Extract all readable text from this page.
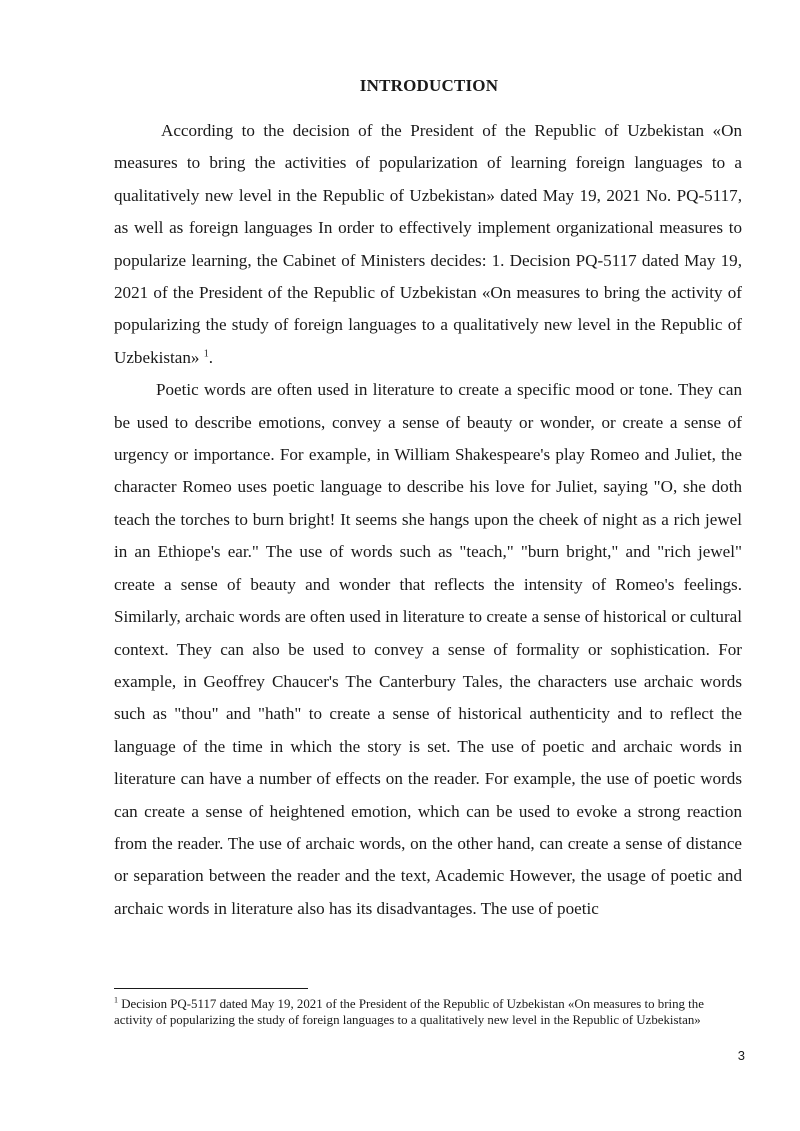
INTRODUCTION

According to the decision of the President of the Republic of Uzbekistan «On measures to bring the activities of popularization of learning foreign languages to a qualitatively new level in the Republic of Uzbekistan» dated May 19, 2021 No. PQ-5117, as well as foreign languages In order to effectively implement organizational measures to popularize learning, the Cabinet of Ministers decides: 1. Decision PQ-5117 dated May 19, 2021 of the President of the Republic of Uzbekistan «On measures to bring the activity of popularizing the study of foreign languages to a qualitatively new level in the Republic of Uzbekistan» $^1$.

Poetic words are often used in literature to create a specific mood or tone. They can be used to describe emotions, convey a sense of beauty or wonder, or create a sense of urgency or importance. For example, in William Shakespeare's play Romeo and Juliet, the character Romeo uses poetic language to describe his love for Juliet, saying "O, she doth teach the torches to burn bright! It seems she hangs upon the cheek of night as a rich jewel in an Ethiope's ear." The use of words such as "teach," "burn bright," and "rich jewel" create a sense of beauty and wonder that reflects the intensity of Romeo's feelings. Similarly, archaic words are often used in literature to create a sense of historical or cultural context. They can also be used to convey a sense of formality or sophistication. For example, in Geoffrey Chaucer's The Canterbury Tales, the characters use archaic words such as "thou" and "hath" to create a sense of historical authenticity and to reflect the language of the time in which the story is set. The use of poetic and archaic words in literature can have a number of effects on the reader. For example, the use of poetic words can create a sense of heightened emotion, which can be used to evoke a strong reaction from the reader. The use of archaic words, on the other hand, can create a sense of distance or separation between the reader and the text, Academic However, the usage of poetic and archaic words in literature also has its disadvantages. The use of poetic

$^1$ Decision PQ-5117 dated May 19, 2021 of the President of the Republic of Uzbekistan «On measures to bring the activity of popularizing the study of foreign languages to a qualitatively new level in the Republic of Uzbekistan»
3
